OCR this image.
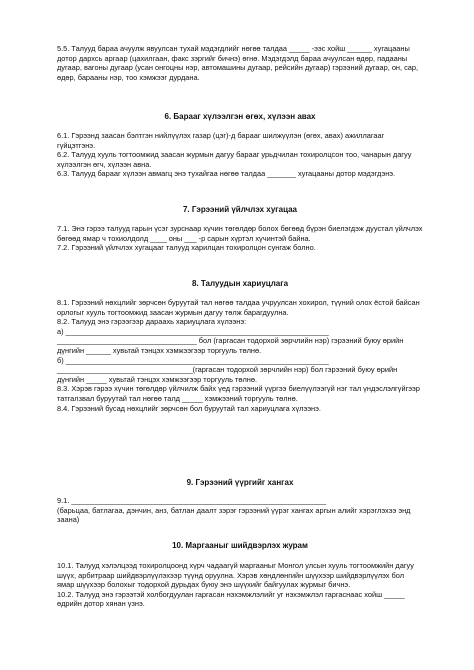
5.5. Талууд бараа ачуулж явуулсан тухай мэдэгдлийг нөгөө талдаа _____ -ээс хойш ______ хугацааны дотор дархсь аргаар (цахилгаан, факс зэргийг бичнэ) өгнө. Мэдэгдэлд бараа ачуулсан өдөр, падааны дугаар, вагоны дугаар (усан онгоцны нэр, автомашины дугаар, рейсийн дугаар) гэрээний дугаар, он, сар, өдөр, барааны нэр, тоо хэмжээг дурдана.

6. Барааг хүлээлгэн өгөх, хүлээн авах

6.1. Гэрээнд заасан бэлтгэн нийлүүлэх газар (цэг)-д барааг шилжүүлэн (өгөх, авах) ажиллагааг гүйцэтгэнэ.
6.2. Талууд хууль тогтоомжид заасан журмын дагуу барааг урьдчилан тохиролцсон тоо, чанарын дагуу хүлээлгэн өгч, хүлээн авна.
6.3. Талууд барааг хүлээн авмагц энэ тухайгаа нөгөө талдаа _______ хугацааны дотор мэдэгдэнэ.

7. Гэрээний үйлчлэх хугацаа

7.1. Энэ гэрээ талууд гарын үсэг зурснаар хүчин төгөлдөр болох бөгөөд бүрэн биелэгдэж дуустал үйлчлэх бөгөөд ямар ч тохиолдолд ____ оны ___ -р сарын хүртэл хүчинтэй байна.
7.2. Гэрээний үйлчлэх хугацааг талууд харилцан тохиролцон сунгаж болно.

8. Талуудын хариуцлага

8.1. Гэрээний нөхцлийг зөрчсөн буруутай тал нөгөө талдаа учруулсан хохирол, түүний олох ёстой байсан орлогыг хууль тогтоомжид заасан журмын дагуу төлж барагдуулна.
8.2. Талууд энэ гэрээгээр дараахь хариуцлага хүлээнэ:
а) ________________________________________________________________
__________________________________ бол (гаргасан тодорхой зөрчлийн нэр) гэрээний буюу өрийн дүнгийн ______ хувьтай тэнцэх хэмжээгээр торгууль төлнө.
б) ________________________________________________________________
_________________________________(гаргасан тодорхой зөрчлийн нэр) бол гэрээний буюу өрийн дүнгийн _____ хувьтай тэнцэх хэмжээгээр торгууль төлнө.
8.3. Хэрэв гэрээ хүчин төгөлдөр үйлчилж байх үед гэрээний үүргээ биелүүлээгүй нэг тал үндэслэлгүйгээр татгалзвал буруутай тал нөгөө талд _____ хэмжээний торгууль төлнө.
8.4. Гэрээний бусад нөхцлийг зөрчсөн бол буруутай тал хариуцлага хүлээнэ.

9. Гэрээний үүргийг хангах

9.1. ______________________________________________________________
(барьцаа, батлагаа, дэнчин, анз, батлан даалт зэрэг гэрээний үүрэг хангах аргын алийг хэрэглэхээ энд заана)

10. Маргааныг шийдвэрлэх журам

10.1. Талууд хэлэлцээд тохиролцоонд хүрч чадаагүй маргааныг Монгол улсын хууль тогтоомжийн дагуу шүүх, арбитраар шийдвэрлүүлэхээр түүнд оруулна. Хэрэв хөндлөнгийн шүүхээр шийдвэрлүүлэх бол ямар шүүхээр болохыг тодорхой дурьдах буюу энэ шүүхийг байгуулах журмыг бичнэ.
10.2. Талууд энэ гэрээтэй холбогдуулан гаргасан нэхэмжлэлийг уг нэхэмжлэл гаргаснаас хойш _____ өдрийн дотор хянан үзнэ.
